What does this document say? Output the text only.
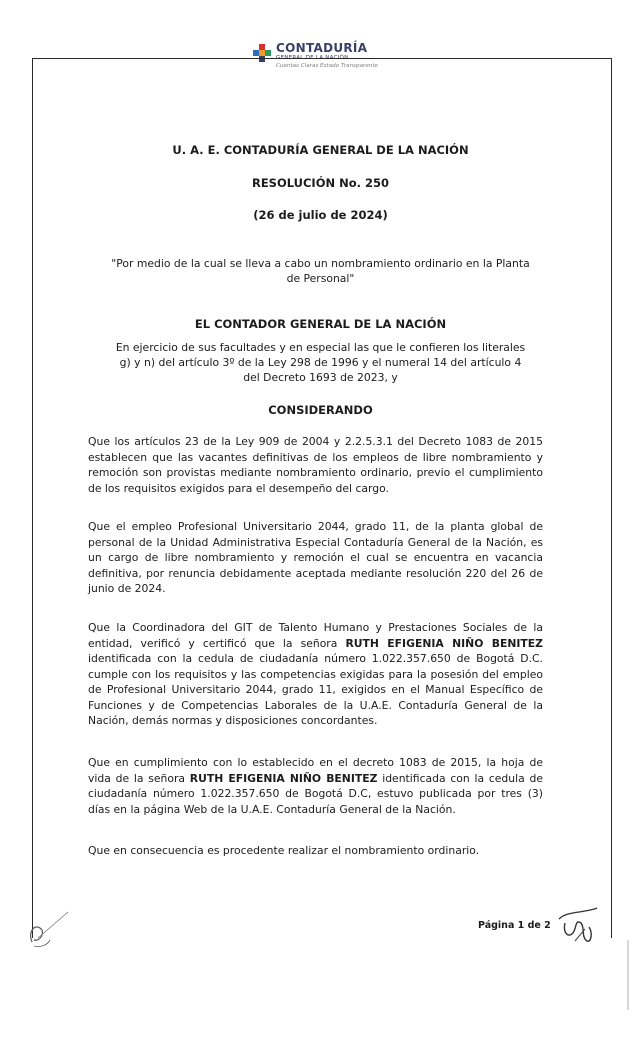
CONTADURÍA
GENERAL DE LA NACIÓN
Cuentas Claras Estado Transparente
U. A. E. CONTADURÍA GENERAL DE LA NACIÓN
RESOLUCIÓN No. 250
(26 de julio de 2024)
"Por medio de la cual se lleva a cabo un nombramiento ordinario en la Planta
de Personal"
EL CONTADOR GENERAL DE LA NACIÓN
En ejercicio de sus facultades y en especial las que le confieren los literales
g) y n) del artículo 3º de la Ley 298 de 1996 y el numeral 14 del artículo 4
del Decreto 1693 de 2023, y
CONSIDERANDO

Que los artículos 23 de la Ley 909 de 2004 y 2.2.5.3.1 del Decreto 1083 de 2015 establecen que las vacantes definitivas de los empleos de libre nombramiento y remoción son provistas mediante nombramiento ordinario, previo el cumplimiento de los requisitos exigidos para el desempeño del cargo.

Que el empleo Profesional Universitario 2044, grado 11, de la planta global de personal de la Unidad Administrativa Especial Contaduría General de la Nación, es un cargo de libre nombramiento y remoción el cual se encuentra en vacancia definitiva, por renuncia debidamente aceptada mediante resolución 220 del 26 de junio de 2024.

Que la Coordinadora del GIT de Talento Humano y Prestaciones Sociales de la entidad, verificó y certificó que la señora RUTH EFIGENIA NIÑO BENITEZ identificada con la cedula de ciudadanía número 1.022.357.650 de Bogotá D.C. cumple con los requisitos y las competencias exigidas para la posesión del empleo de Profesional Universitario 2044, grado 11, exigidos en el Manual Específico de Funciones y de Competencias Laborales de la U.A.E. Contaduría General de la Nación, demás normas y disposiciones concordantes.

Que en cumplimiento con lo establecido en el decreto 1083 de 2015, la hoja de vida de la señora RUTH EFIGENIA NIÑO BENITEZ identificada con la cedula de ciudadanía número 1.022.357.650 de Bogotá D.C, estuvo publicada por tres (3) días en la página Web de la U.A.E. Contaduría General de la Nación.

Que en consecuencia es procedente realizar el nombramiento ordinario.

Página 1 de 2
